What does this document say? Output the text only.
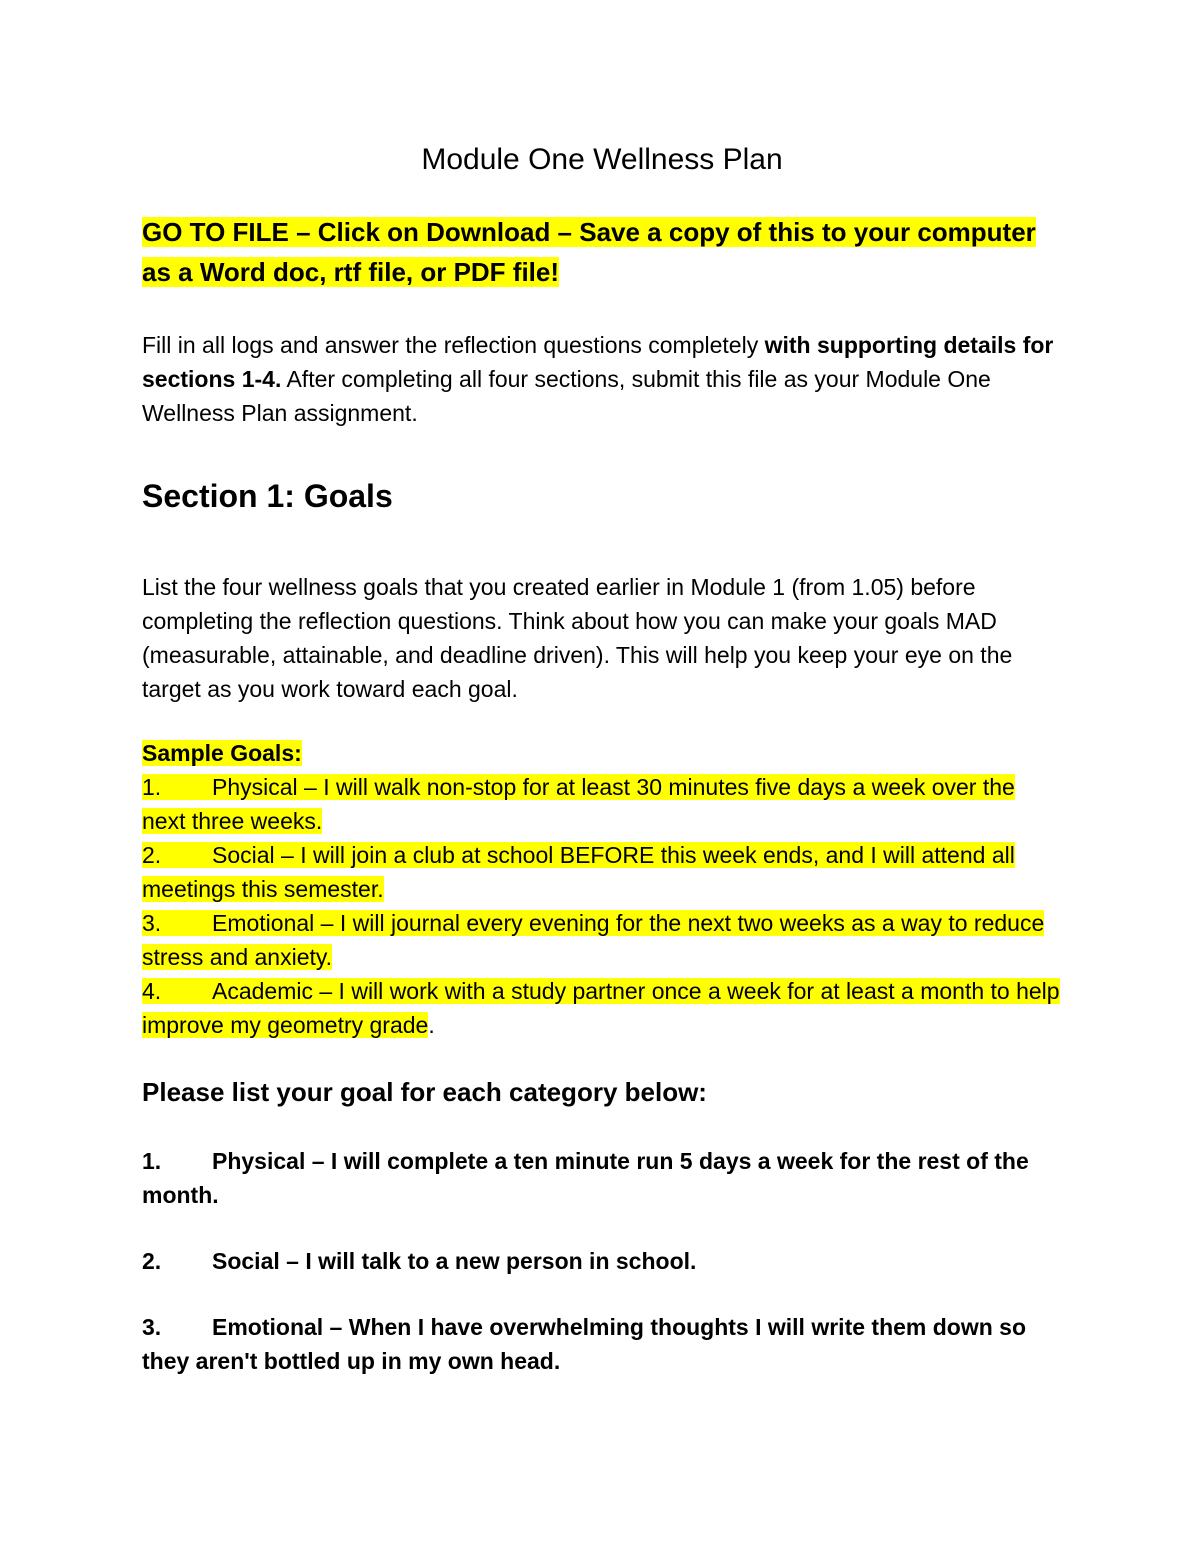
Module One Wellness Plan

GO TO FILE – Click on Download – Save a copy of this to your computer as a Word doc, rtf file, or PDF file!

Fill in all logs and answer the reflection questions completely with supporting details for sections 1-4. After completing all four sections, submit this file as your Module One Wellness Plan assignment.

Section 1: Goals

List the four wellness goals that you created earlier in Module 1 (from 1.05) before completing the reflection questions. Think about how you can make your goals MAD (measurable, attainable, and deadline driven). This will help you keep your eye on the target as you work toward each goal.

Sample Goals:

1. Physical – I will walk non-stop for at least 30 minutes five days a week over the next three weeks.
2. Social – I will join a club at school BEFORE this week ends, and I will attend all meetings this semester.
3. Emotional – I will journal every evening for the next two weeks as a way to reduce stress and anxiety.
4. Academic – I will work with a study partner once a week for at least a month to help improve my geometry grade.

Please list your goal for each category below:

1. Physical – I will complete a ten minute run 5 days a week for the rest of the month.
2. Social – I will talk to a new person in school.
3. Emotional – When I have overwhelming thoughts I will write them down so they aren't bottled up in my own head.
